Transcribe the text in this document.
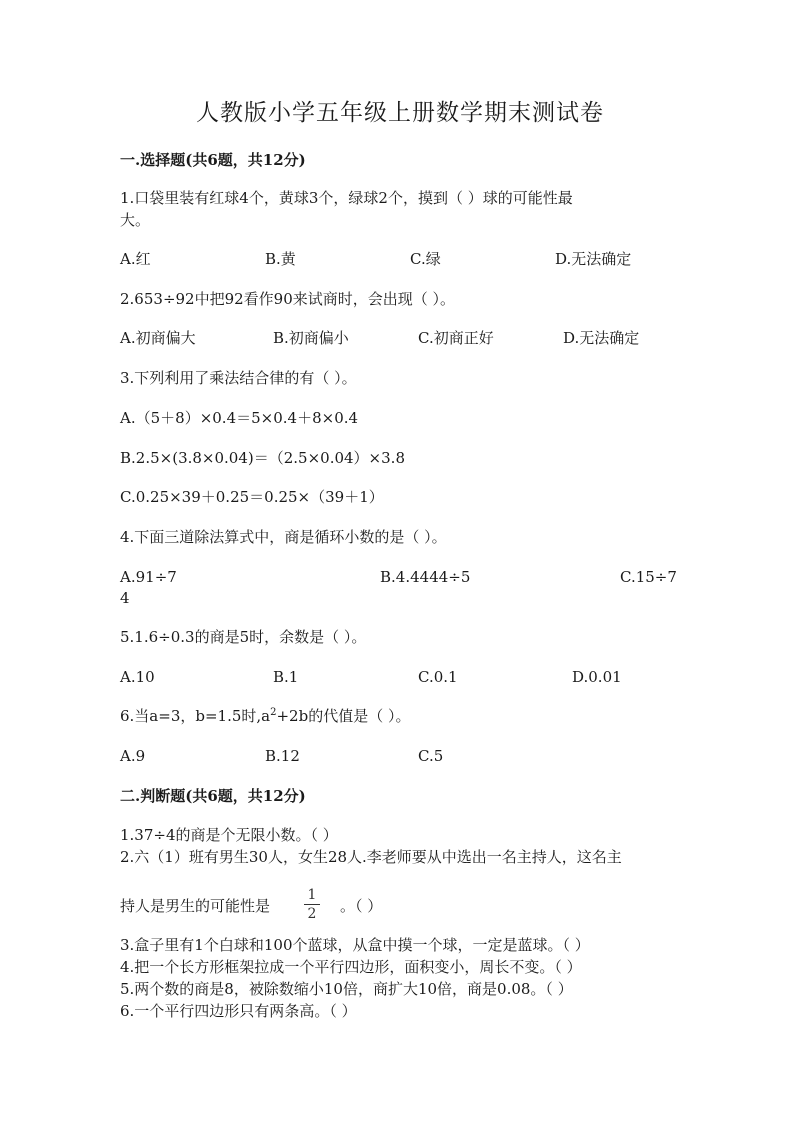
人教版小学五年级上册数学期末测试卷
一.选择题(共6题，共12分)
1.口袋里装有红球4个，黄球3个，绿球2个，摸到（ ）球的可能性最
大。
A.红	B.黄	C.绿	D.无法确定
2.653÷92中把92看作90来试商时，会出现（ ）。
A.初商偏大	B.初商偏小	C.初商正好	D.无法确定
3.下列利用了乘法结合律的有（ ）。
A.（5＋8）×0.4＝5×0.4＋8×0.4
B.2.5×(3.8×0.04)＝（2.5×0.04）×3.8
C.0.25×39＋0.25＝0.25×（39＋1）
4.下面三道除法算式中，商是循环小数的是（ ）。
A.91÷7	B.4.4444÷5	C.15÷7
4
5.1.6÷0.3的商是5时，余数是（ ）。
A.10	B.1	C.0.1	D.0.01
6.当a=3，b=1.5时$,a^2+2b$的代值是（ ）。
A.9	B.12	C.5
二.判断题(共6题，共12分)
1.37÷4的商是个无限小数。（ ）
2.六（1）班有男生30人，女生28人.李老师要从中选出一名主持人，这名主
持人是男生的可能性是
1
2 。（ ）
3.盒子里有1个白球和100个蓝球，从盒中摸一个球，一定是蓝球。（ ）
4.把一个长方形框架拉成一个平行四边形，面积变小，周长不变。（ ）
5.两个数的商是8，被除数缩小10倍，商扩大10倍，商是0.08。（ ）
6.一个平行四边形只有两条高。（ ）
